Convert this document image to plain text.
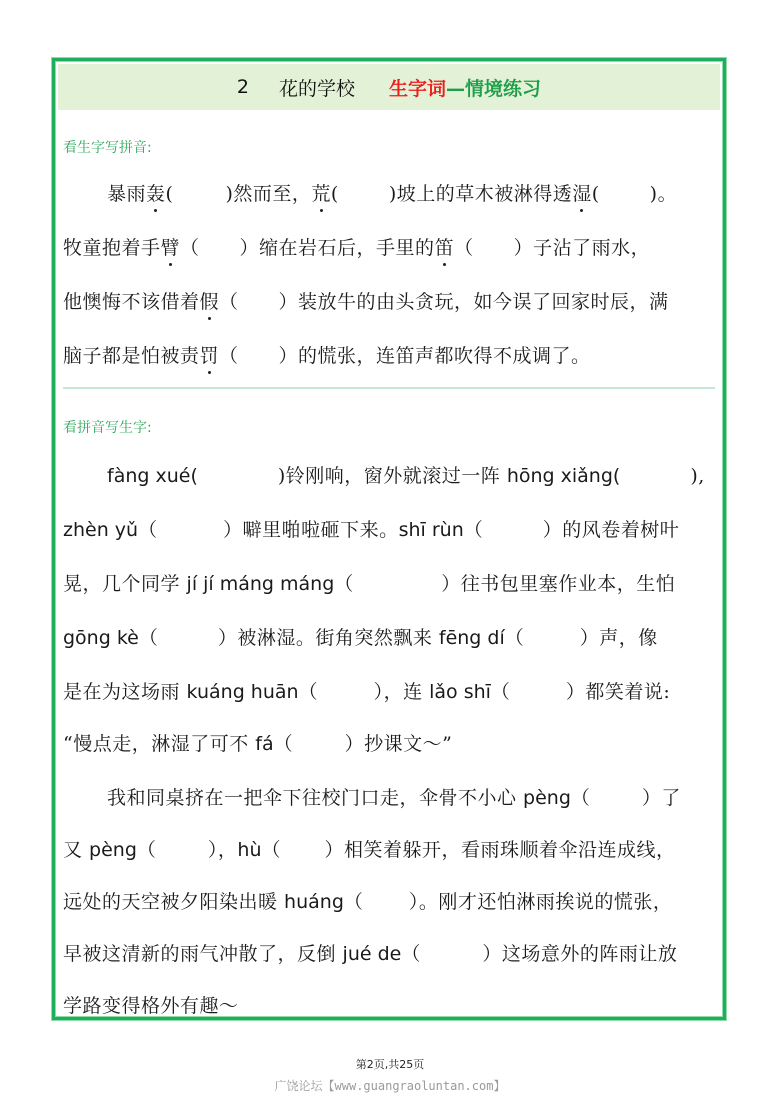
2 花的学校 生字词 —情境练习
看生字写拼音:
暴雨轰(	)然而至，荒(	)坡上的草木被淋得透湿(	)。
牧童抱着手臂（ ）缩在岩石后，手里的笛（ ）子沾了雨水，
他懊悔不该借着假（ ）装放牛的由头贪玩，如今误了回家时辰，满
脑子都是怕被责罚（ ）的慌张，连笛声都吹得不成调了。
看拼音写生字:
fàng xué(	)铃刚响，窗外就滚过一阵 hōng xiǎng(	),
zhèn yǔ（	）噼里啪啦砸下来。shī rùn（	）的风卷着树叶
晃，几个同学 jí jí máng máng（	）往书包里塞作业本，生怕
gōng kè（	）被淋湿。街角突然飘来 fēng dí（	）声，像
是在为这场雨 kuáng huān（	），连 lǎo shī（	）都笑着说:
“慢点走，淋湿了可不 fá（	）抄课文～”
我和同桌挤在一把伞下往校门口走，伞骨不小心 pèng（	）了
又 pèng（	），hù（ ）相笑着躲开，看雨珠顺着伞沿连成线，
远处的天空被夕阳染出暖 huáng（ ）。刚才还怕淋雨挨说的慌张，
早被这清新的雨气冲散了，反倒 jué de（	）这场意外的阵雨让放
学路变得格外有趣～
第2页,共25页
广饶论坛【www.guangraoluntan.com】
